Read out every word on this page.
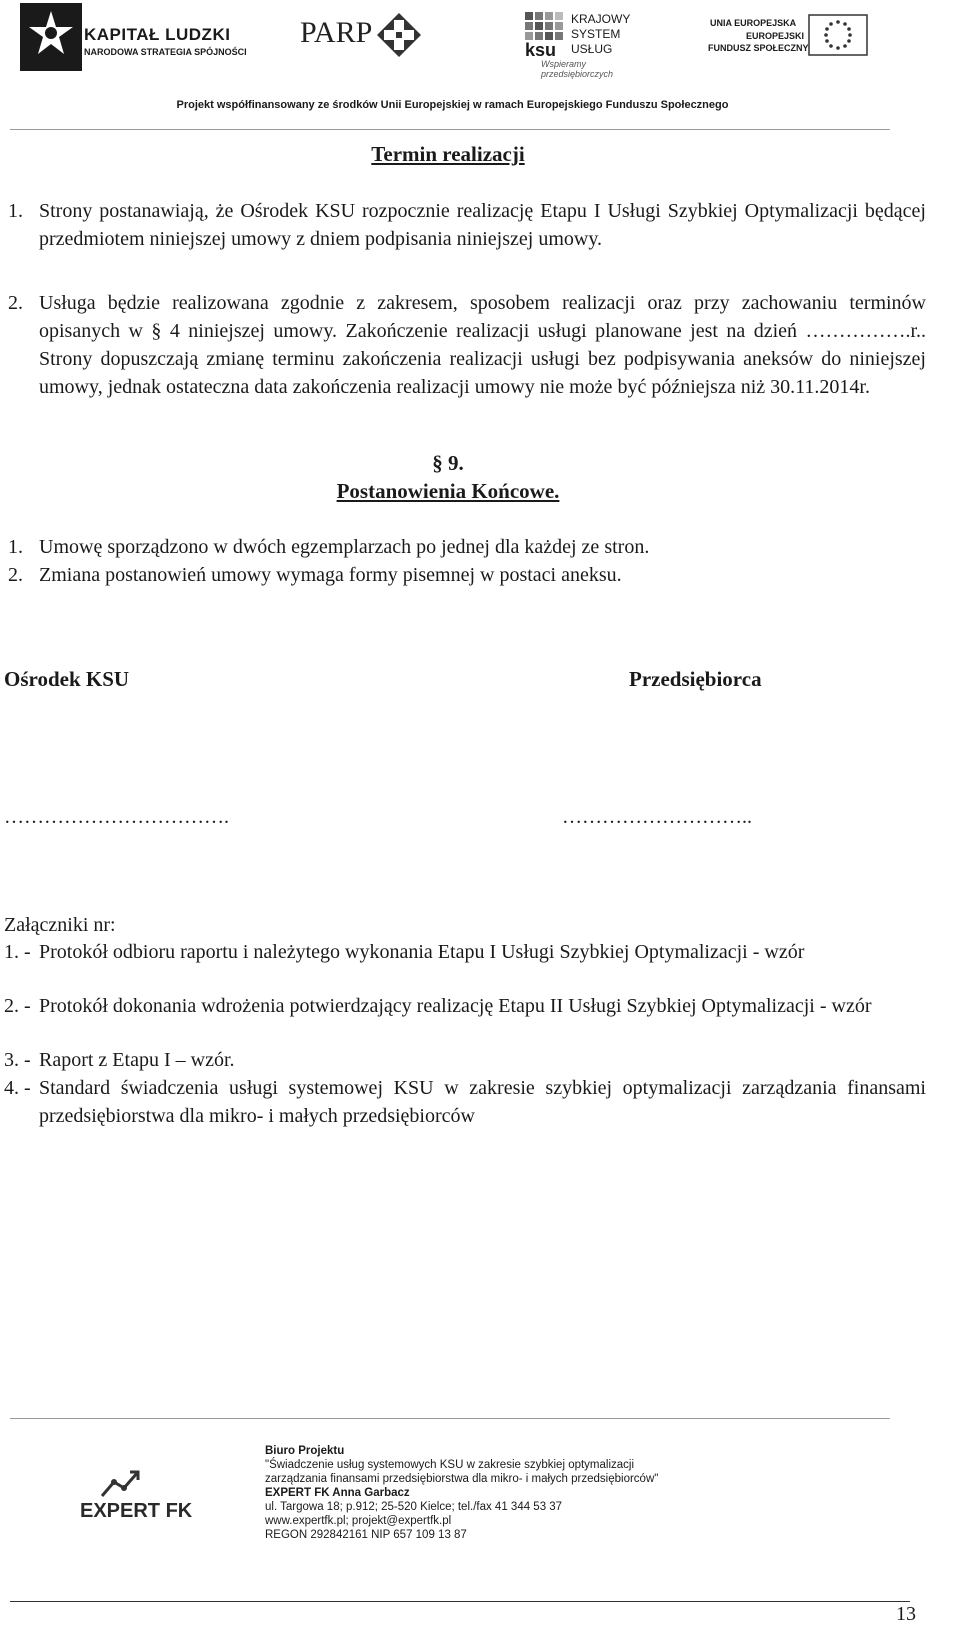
KAPITAŁ LUDZKI
NARODOWA STRATEGIA SPÓJNOŚCI
PARP
ksu
KRAJOWY
SYSTEM
USŁUG
Wspieramy przedsiębiorczych
UNIA EUROPEJSKA
EUROPEJSKI
FUNDUSZ SPOŁECZNY
Projekt współfinansowany ze środków Unii Europejskiej w ramach Europejskiego Funduszu Społecznego
Termin realizacji
1. Strony postanawiają, że Ośrodek KSU rozpocznie realizację Etapu I Usługi Szybkiej Optymalizacji będącej przedmiotem niniejszej umowy z dniem podpisania niniejszej umowy.
2. Usługa będzie realizowana zgodnie z zakresem, sposobem realizacji oraz przy zachowaniu terminów opisanych w § 4 niniejszej umowy. Zakończenie realizacji usługi planowane jest na dzień …………….r.. Strony dopuszczają zmianę terminu zakończenia realizacji usługi bez podpisywania aneksów do niniejszej umowy, jednak ostateczna data zakończenia realizacji umowy nie może być późniejsza niż 30.11.2014r.
§ 9.
Postanowienia Końcowe.
1. Umowę sporządzono w dwóch egzemplarzach po jednej dla każdej ze stron.
2. Zmiana postanowień umowy wymaga formy pisemnej w postaci aneksu.
Ośrodek KSU	Przedsiębiorca
…………………………….	………………………..
Załączniki nr:
1. - Protokół odbioru raportu i należytego wykonania Etapu I Usługi Szybkiej Optymalizacji - wzór
2. - Protokół dokonania wdrożenia potwierdzający realizację Etapu II Usługi Szybkiej Optymalizacji - wzór
3. - Raport z Etapu I – wzór.
4. - Standard świadczenia usługi systemowej KSU w zakresie szybkiej optymalizacji zarządzania finansami przedsiębiorstwa dla mikro- i małych przedsiębiorców
EXPERT FK
Biuro Projektu
"Świadczenie usług systemowych KSU w zakresie szybkiej optymalizacji
zarządzania finansami przedsiębiorstwa dla mikro- i małych przedsiębiorców"
EXPERT FK Anna Garbacz
ul. Targowa 18; p.912; 25-520 Kielce; tel./fax 41 344 53 37
www.expertfk.pl; projekt@expertfk.pl
REGON 292842161 NIP 657 109 13 87
13
